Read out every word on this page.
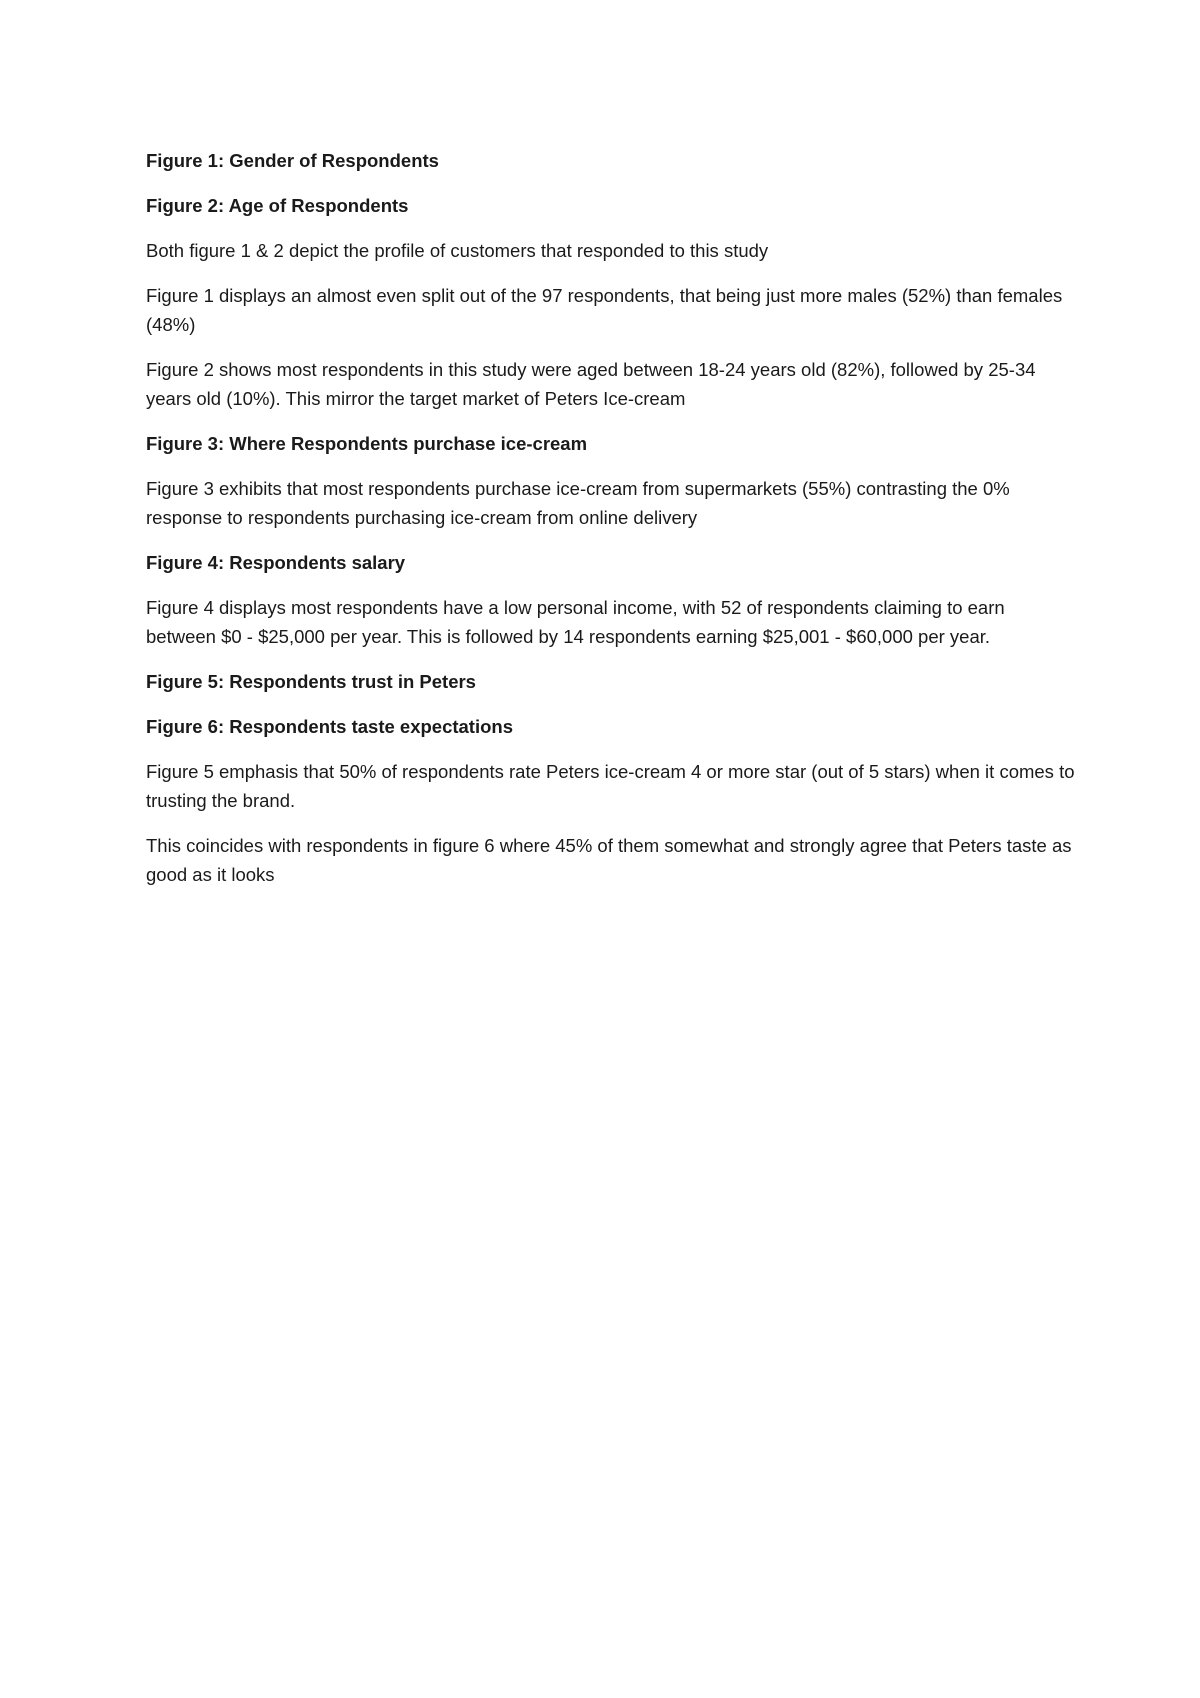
Figure 1: Gender of Respondents

Figure 2: Age of Respondents

Both figure 1 & 2 depict the profile of customers that responded to this study

Figure 1 displays an almost even split out of the 97 respondents, that being just more males (52%) than females (48%)

Figure 2 shows most respondents in this study were aged between 18-24 years old (82%), followed by 25-34 years old (10%). This mirror the target market of Peters Ice-cream

Figure 3: Where Respondents purchase ice-cream

Figure 3 exhibits that most respondents purchase ice-cream from supermarkets (55%) contrasting the 0% response to respondents purchasing ice-cream from online delivery

Figure 4: Respondents salary

Figure 4 displays most respondents have a low personal income, with 52 of respondents claiming to earn between $0 - $25,000 per year. This is followed by 14 respondents earning $25,001 - $60,000 per year.

Figure 5: Respondents trust in Peters

Figure 6: Respondents taste expectations

Figure 5 emphasis that 50% of respondents rate Peters ice-cream 4 or more star (out of 5 stars) when it comes to trusting the brand.

This coincides with respondents in figure 6 where 45% of them somewhat and strongly agree that Peters taste as good as it looks
